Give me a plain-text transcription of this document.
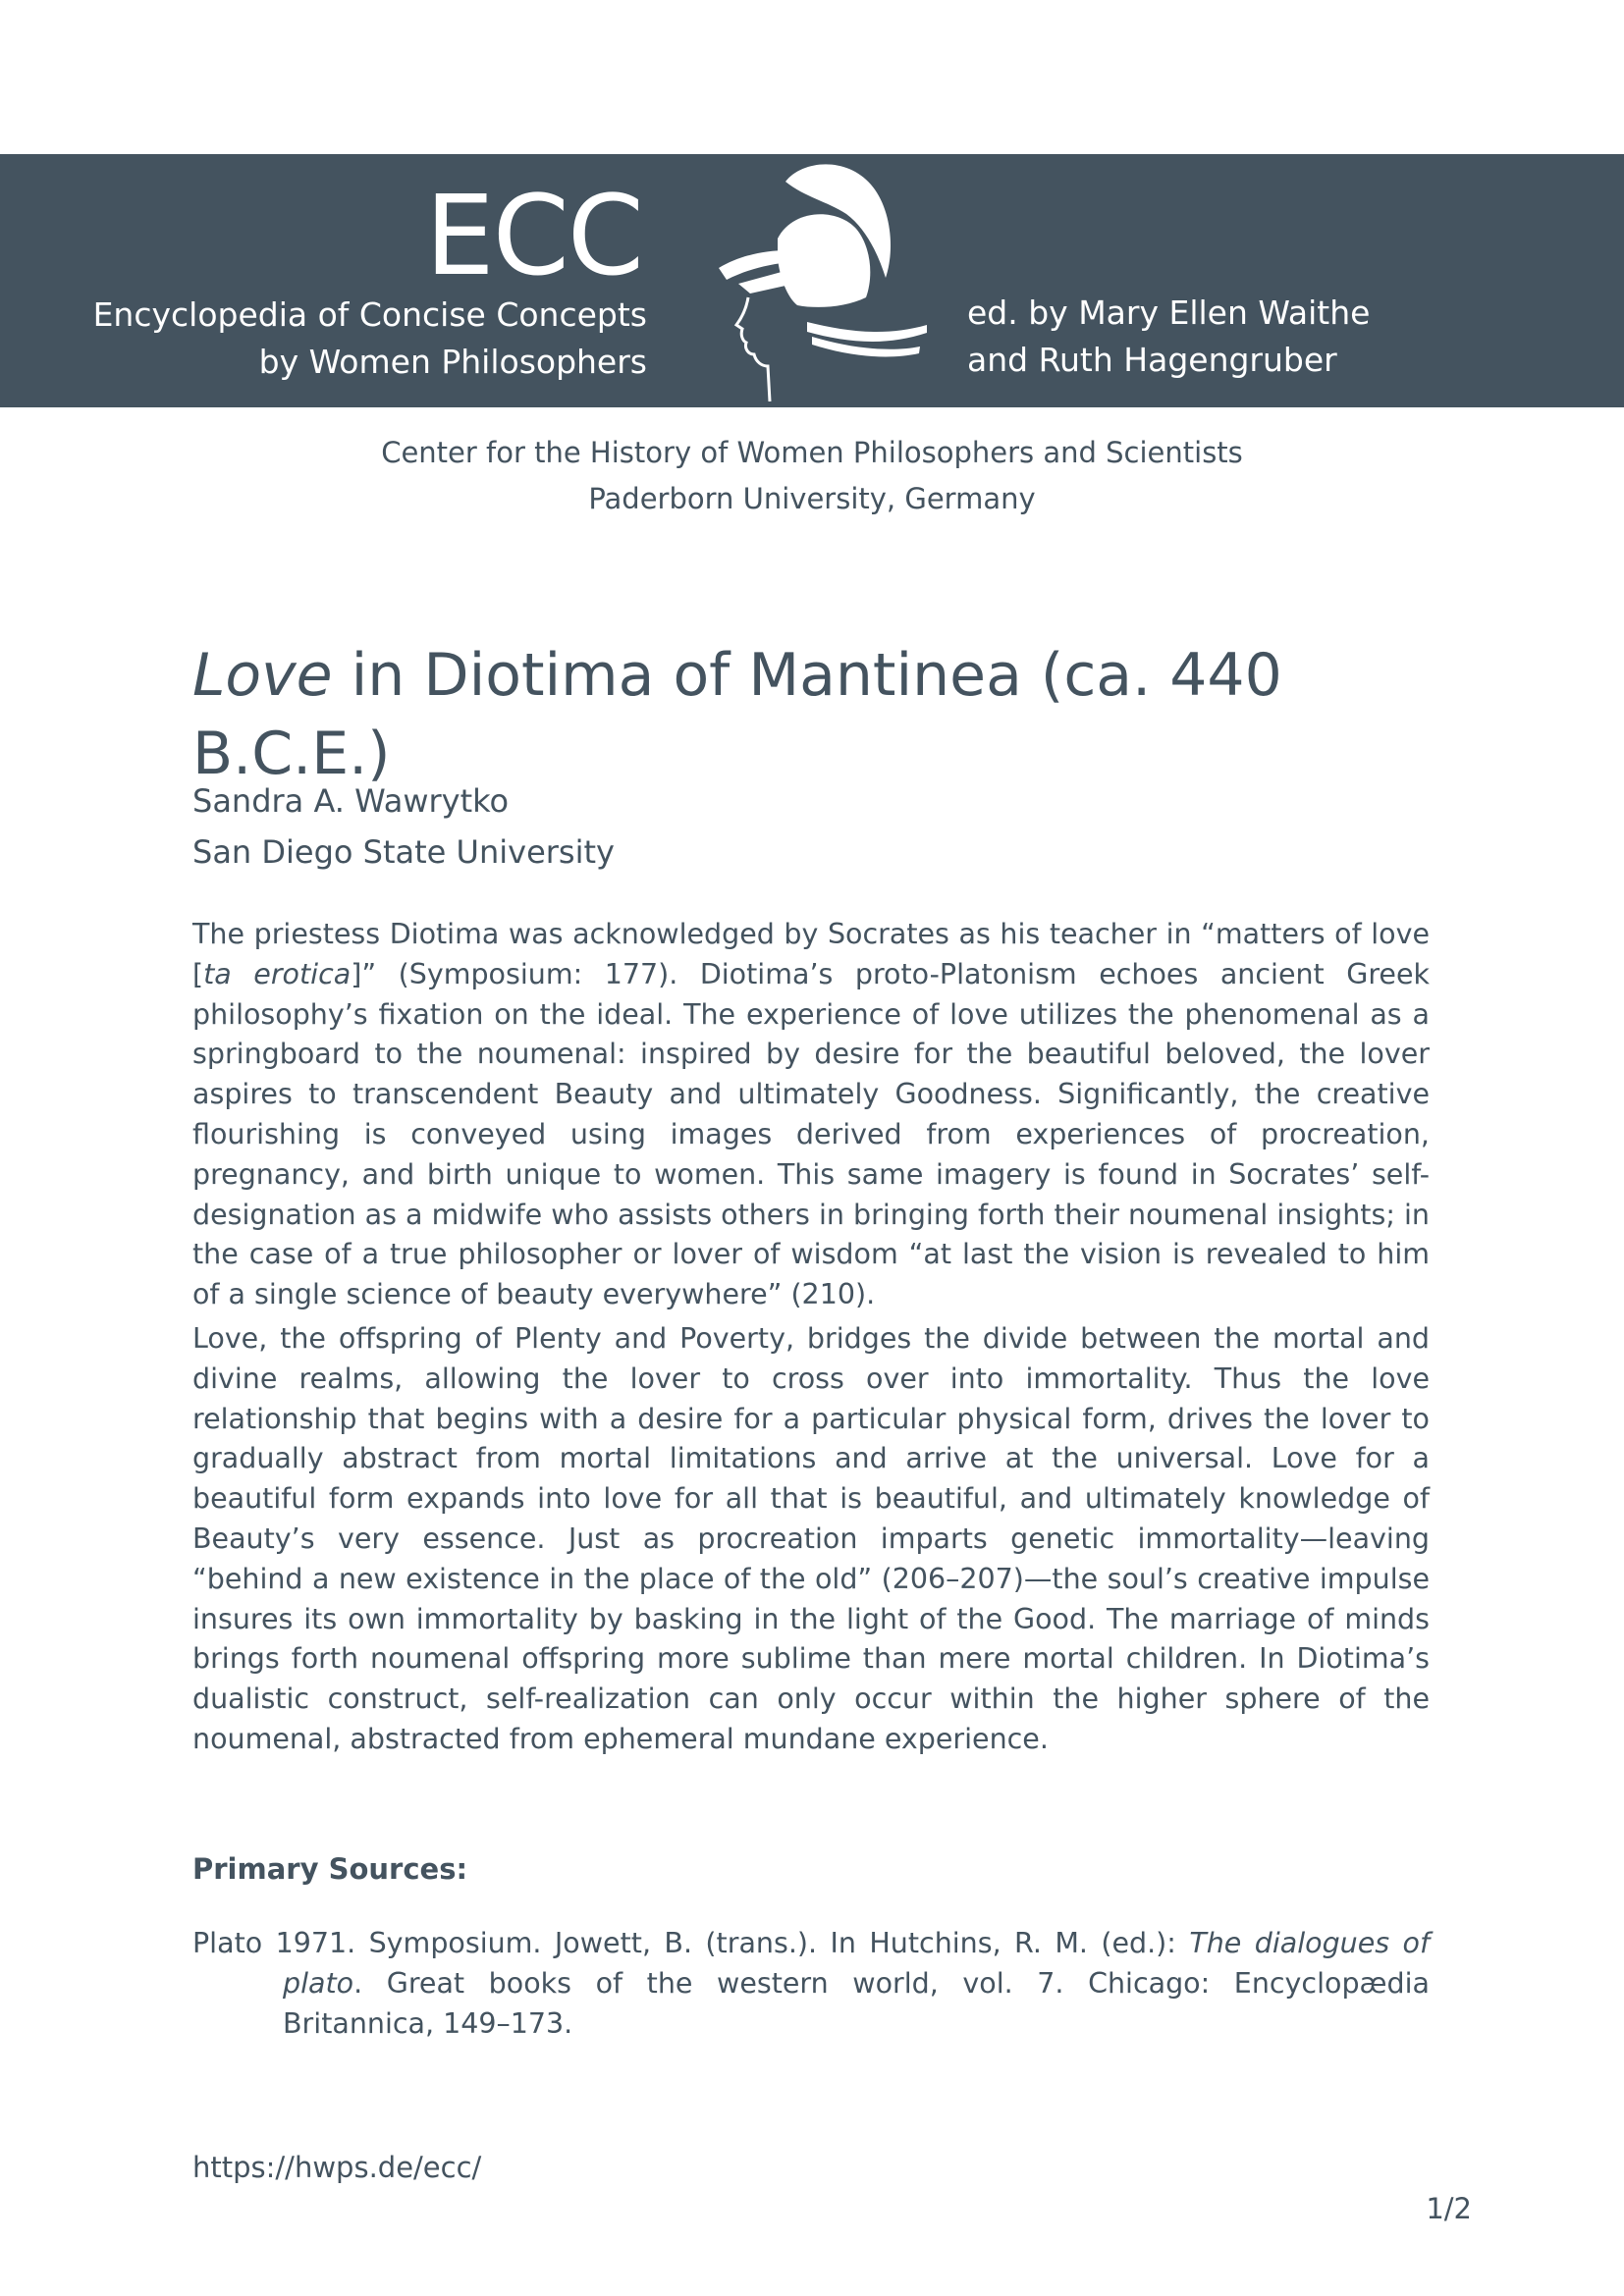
ECC
Encyclopedia of Concise Concepts
by Women Philosophers
ed. by Mary Ellen Waithe
and Ruth Hagengruber
Center for the History of Women Philosophers and Scientists
Paderborn University, Germany
Love in Diotima of Mantinea (ca. 440 B.C.E.)
Sandra A. Wawrytko
San Diego State University

The priestess Diotima was acknowledged by Socrates as his teacher in “matters of love [ta erotica]” (Symposium: 177). Diotima’s proto-Platonism echoes ancient Greek philosophy’s fixation on the ideal. The experience of love utilizes the phenomenal as a springboard to the noumenal: inspired by desire for the beautiful beloved, the lover aspires to transcendent Beauty and ultimately Goodness. Significantly, the creative flourishing is conveyed using images derived from experiences of procreation, pregnancy, and birth unique to women. This same imagery is found in Socrates’ self-designation as a midwife who assists others in bringing forth their noumenal insights; in the case of a true philosopher or lover of wisdom “at last the vision is revealed to him of a single science of beauty everywhere” (210).

Love, the offspring of Plenty and Poverty, bridges the divide between the mortal and divine realms, allowing the lover to cross over into immortality. Thus the love relationship that begins with a desire for a particular physical form, drives the lover to gradually abstract from mortal limitations and arrive at the universal. Love for a beautiful form expands into love for all that is beautiful, and ultimately knowledge of Beauty’s very essence. Just as procreation imparts genetic immortality—leaving “behind a new existence in the place of the old” (206–207)—the soul’s creative impulse insures its own immortality by basking in the light of the Good. The marriage of minds brings forth noumenal offspring more sublime than mere mortal children. In Diotima’s dualistic construct, self-realization can only occur within the higher sphere of the noumenal, abstracted from ephemeral mundane experience.

Primary Sources:
Plato 1971. Symposium. Jowett, B. (trans.). In Hutchins, R. M. (ed.): The dialogues of plato. Great books of the western world, vol. 7. Chicago: Encyclopædia Britannica, 149–173.
https://hwps.de/ecc/
1/2
